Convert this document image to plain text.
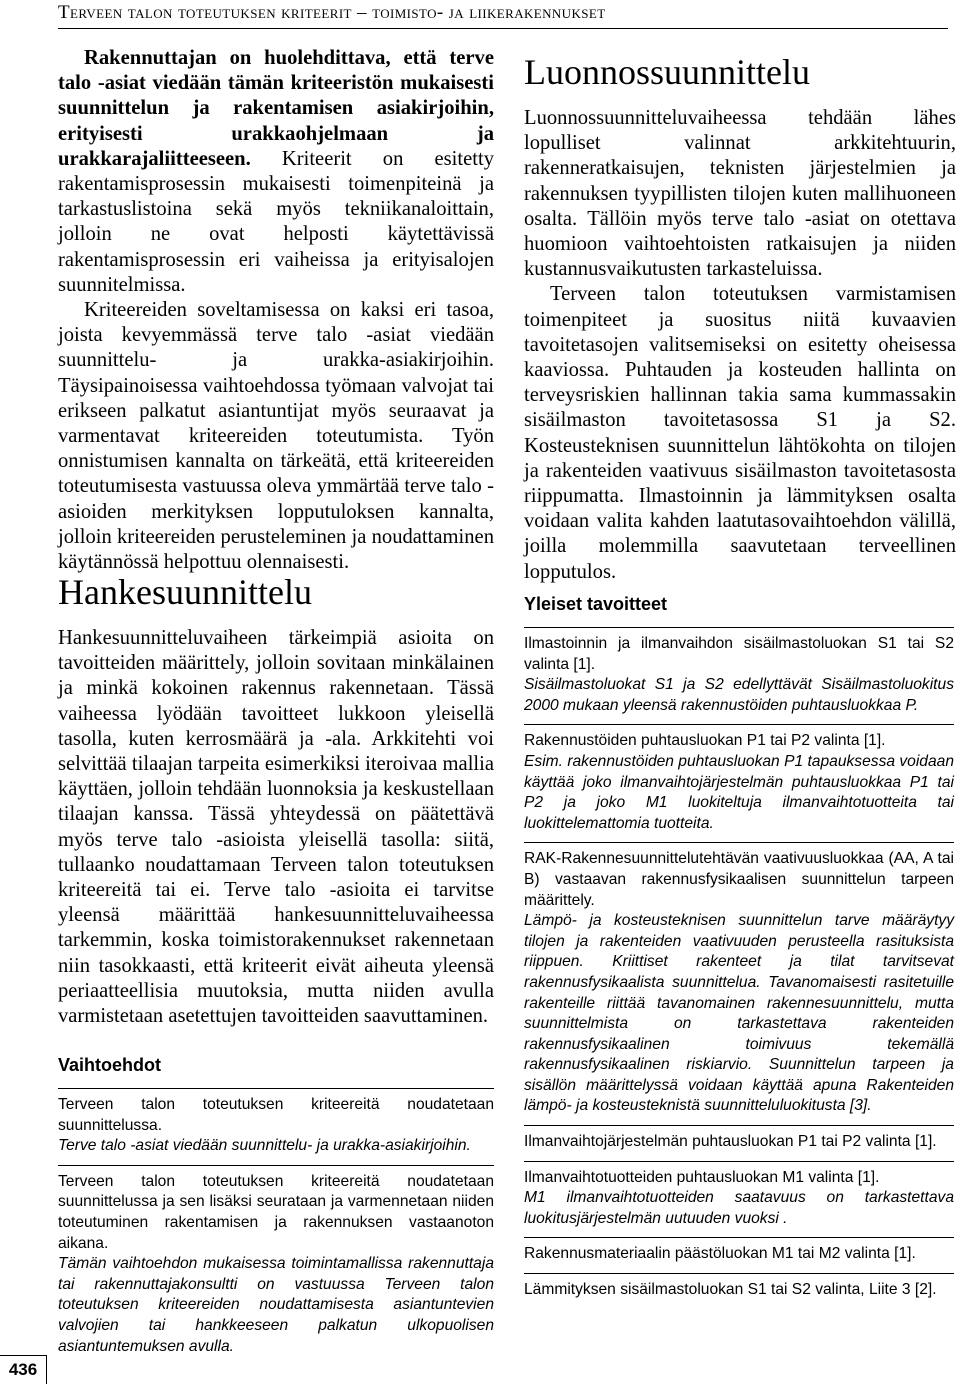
Terveen talon toteutuksen kriteerit – toimisto- ja liikerakennukset

Rakennuttajan on huolehdittava, että terve talo -asiat viedään tämän kriteeristön mukaisesti suunnittelun ja rakentamisen asiakirjoihin, erityisesti urakkaohjelmaan ja urakkarajaliitteeseen. Kriteerit on esitetty rakentamisprosessin mukaisesti toimenpiteinä ja tarkastuslistoina sekä myös tekniikanaloittain, jolloin ne ovat helposti käytettävissä rakentamisprosessin eri vaiheissa ja erityisalojen suunnitelmissa.

Kriteereiden soveltamisessa on kaksi eri tasoa, joista kevyemmässä terve talo -asiat viedään suunnittelu- ja urakka-asiakirjoihin. Täysipainoisessa vaihtoehdossa työmaan valvojat tai erikseen palkatut asiantuntijat myös seuraavat ja varmentavat kriteereiden toteutumista. Työn onnistumisen kannalta on tärkeätä, että kriteereiden toteutumisesta vastuussa oleva ymmärtää terve talo -asioiden merkityksen lopputuloksen kannalta, jolloin kriteereiden perusteleminen ja noudattaminen käytännössä helpottuu olennaisesti.

Luonnossuunnittelu

Luonnossuunnitteluvaiheessa tehdään lähes lopulliset valinnat arkkitehtuurin, rakenneratkaisujen, teknisten järjestelmien ja rakennuksen tyypillisten tilojen kuten mallihuoneen osalta. Tällöin myös terve talo -asiat on otettava huomioon vaihtoehtoisten ratkaisujen ja niiden kustannusvaikutusten tarkasteluissa.

Terveen talon toteutuksen varmistamisen toimenpiteet ja suositus niitä kuvaavien tavoitetasojen valitsemiseksi on esitetty oheisessa kaaviossa. Puhtauden ja kosteuden hallinta on terveysriskien hallinnan takia sama kummassakin sisäilmaston tavoitetasossa S1 ja S2. Kosteusteknisen suunnittelun lähtökohta on tilojen ja rakenteiden vaativuus sisäilmaston tavoitetasosta riippumatta. Ilmastoinnin ja lämmityksen osalta voidaan valita kahden laatutasovaihtoehdon välillä, joilla molemmilla saavutetaan terveellinen lopputulos.

Hankesuunnittelu

Hankesuunnitteluvaiheen tärkeimpiä asioita on tavoitteiden määrittely, jolloin sovitaan minkälainen ja minkä kokoinen rakennus rakennetaan. Tässä vaiheessa lyödään tavoitteet lukkoon yleisellä tasolla, kuten kerrosmäärä ja -ala. Arkkitehti voi selvittää tilaajan tarpeita esimerkiksi iteroivaa mallia käyttäen, jolloin tehdään luonnoksia ja keskustellaan tilaajan kanssa. Tässä yhteydessä on päätettävä myös terve talo -asioista yleisellä tasolla: siitä, tullaanko noudattamaan Terveen talon toteutuksen kriteereitä tai ei. Terve talo -asioita ei tarvitse yleensä määrittää hankesuunnitteluvaiheessa tarkemmin, koska toimistorakennukset rakennetaan niin tasokkaasti, että kriteerit eivät aiheuta yleensä periaatteellisia muutoksia, mutta niiden avulla varmistetaan asetettujen tavoitteiden saavuttaminen.

Vaihtoehdot
Terveen talon toteutuksen kriteereitä noudatetaan suunnittelussa.
Terve talo -asiat viedään suunnittelu- ja urakka-asiakirjoihin.
Terveen talon toteutuksen kriteereitä noudatetaan suunnittelussa ja sen lisäksi seurataan ja varmennetaan niiden toteutuminen rakentamisen ja rakennuksen vastaanoton aikana.
Tämän vaihtoehdon mukaisessa toimintamallissa rakennuttaja tai rakennuttajakonsultti on vastuussa Terveen talon toteutuksen kriteereiden noudattamisesta asiantuntevien valvojien tai hankkeeseen palkatun ulkopuolisen asiantuntemuksen avulla.
Yleiset tavoitteet
Ilmastoinnin ja ilmanvaihdon sisäilmastoluokan S1 tai S2 valinta [1].
Sisäilmastoluokat S1 ja S2 edellyttävät Sisäilmastoluokitus 2000 mukaan yleensä rakennustöiden puhtausluokkaa P.
Rakennustöiden puhtausluokan P1 tai P2 valinta [1].
Esim. rakennustöiden puhtausluokan P1 tapauksessa voidaan käyttää joko ilmanvaihtojärjestelmän puhtausluokkaa P1 tai P2 ja joko M1 luokiteltuja ilmanvaihtotuotteita tai luokittelemattomia tuotteita.
RAK-Rakennesuunnittelutehtävän vaativuusluokkaa (AA, A tai B) vastaavan rakennusfysikaalisen suunnittelun tarpeen määrittely.
Lämpö- ja kosteusteknisen suunnittelun tarve määräytyy tilojen ja rakenteiden vaativuuden perusteella rasituksista riippuen. Kriittiset rakenteet ja tilat tarvitsevat rakennusfysikaalista suunnittelua. Tavanomaisesti rasitetuille rakenteille riittää tavanomainen rakennesuunnittelu, mutta suunnittelmista on tarkastettava rakenteiden rakennusfysikaalinen toimivuus tekemällä rakennusfysikaalinen riskiarvio. Suunnittelun tarpeen ja sisällön määrittelyssä voidaan käyttää apuna Rakenteiden lämpö- ja kosteusteknistä suunnitteluluokitusta [3].
Ilmanvaihtojärjestelmän puhtausluokan P1 tai P2 valinta [1].
Ilmanvaihtotuotteiden puhtausluokan M1 valinta [1].
M1 ilmanvaihtotuotteiden saatavuus on tarkastettava luokitusjärjestelmän uutuuden vuoksi .
Rakennusmateriaalin päästöluokan M1 tai M2 valinta [1].
Lämmityksen sisäilmastoluokan S1 tai S2 valinta, Liite 3 [2].
436
